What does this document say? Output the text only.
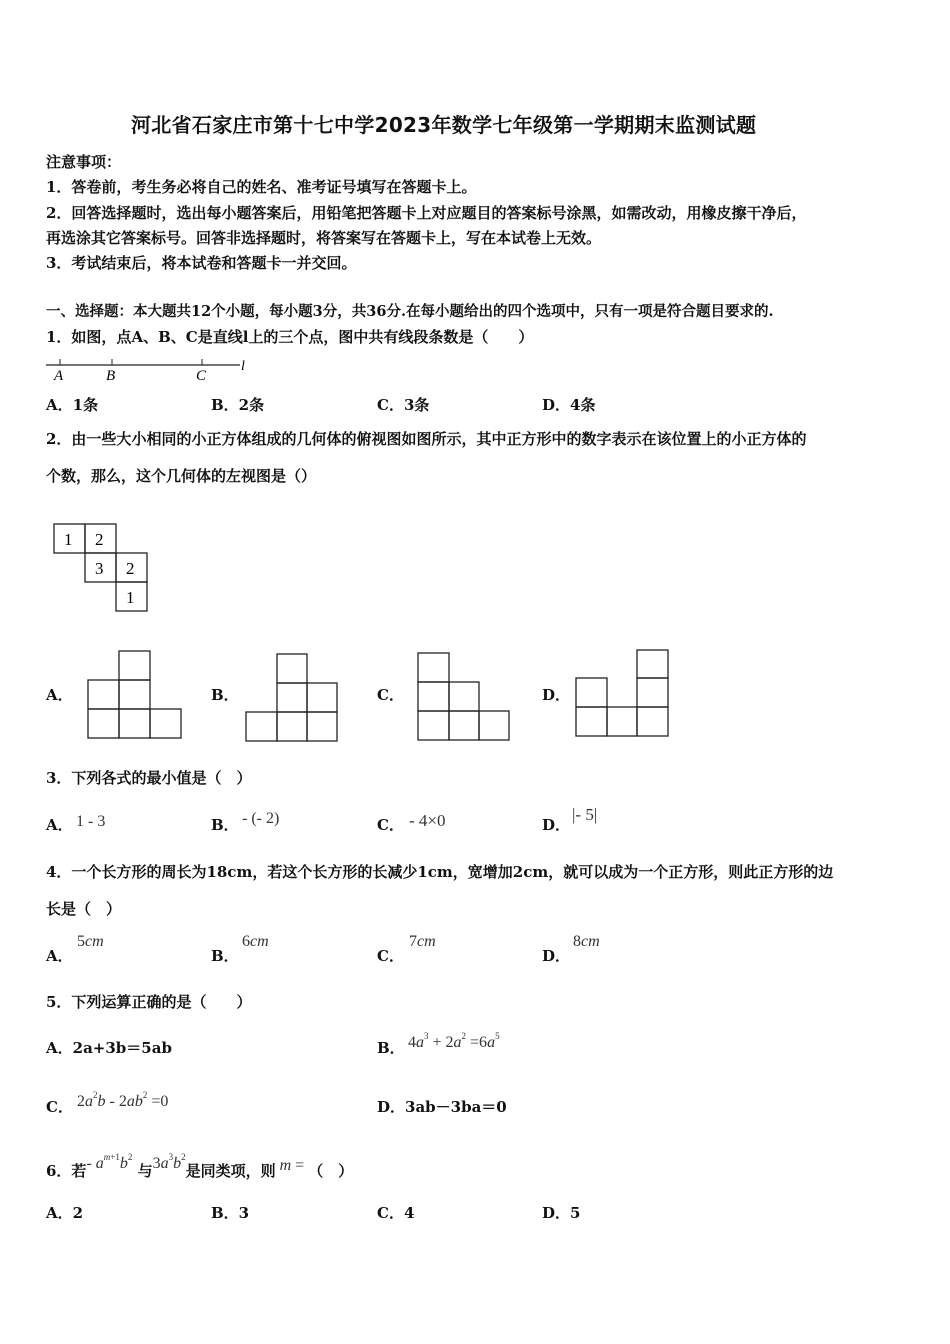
河北省石家庄市第十七中学2023年数学七年级第一学期期末监测试题
注意事项：
1．答卷前，考生务必将自己的姓名、准考证号填写在答题卡上。
2．回答选择题时，选出每小题答案后，用铅笔把答题卡上对应题目的答案标号涂黑，如需改动，用橡皮擦干净后，
再选涂其它答案标号。回答非选择题时，将答案写在答题卡上，写在本试卷上无效。
3．考试结束后，将本试卷和答题卡一并交回。
一、选择题：本大题共12个小题，每小题3分，共36分.在每小题给出的四个选项中，只有一项是符合题目要求的.
1．如图，点A、B、C是直线l上的三个点，图中共有线段条数是（　　）
A	B	C
l
A．1条	B．2条	C．3条	D．4条
2．由一些大小相同的小正方体组成的几何体的俯视图如图所示，其中正方形中的数字表示在该位置上的小正方体的
个数，那么，这个几何体的左视图是（）
1 2
3 2
1
A．	B．	C．	D．
3．下列各式的最小值是（　）
A． 1 - 3	B． - (- 2)	C． - 4×0	D．
|- 5|
4．一个长方形的周长为18cm，若这个长方形的长减少1cm，宽增加2cm，就可以成为一个正方形，则此正方形的边
长是（　）
A．
5cm
B．
6cm
C．
7cm
D．
8cm
5．下列运算正确的是（　　）
A．2a+3b＝5ab	B． $4a^3 + 2a^2 =6a^5$
C． $2a^2b - 2ab^2 =0$	D．3ab－3ba＝0
6．若- $a^{m+1}b^2$ 与$3a^3b^2$是同类项，则 m = （　）
A．2	B．3	C．4	D．5
